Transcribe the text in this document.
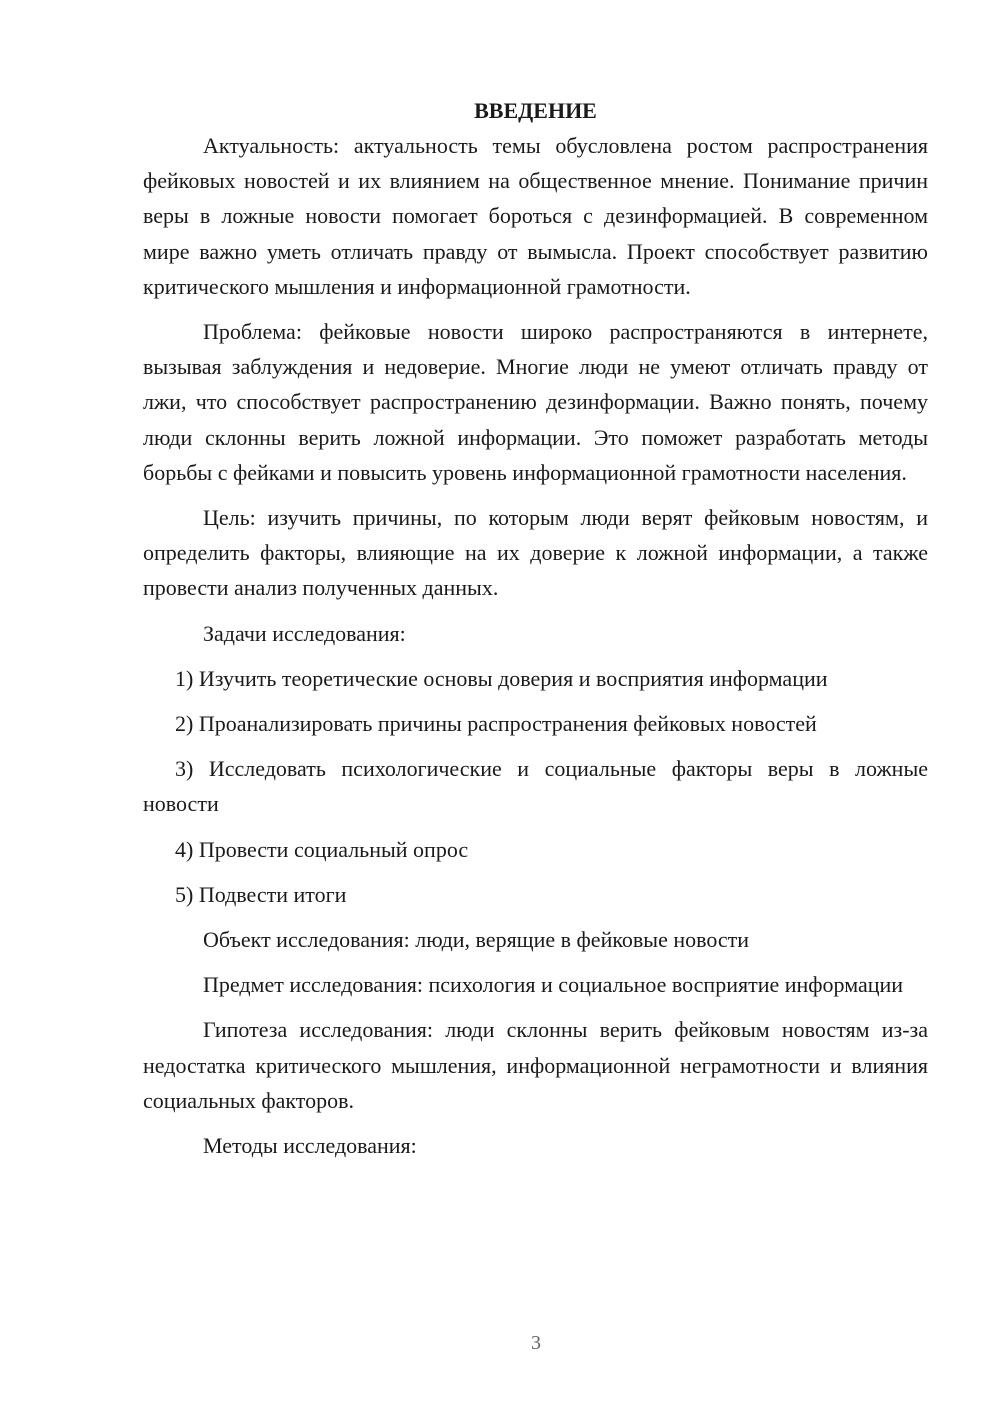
ВВЕДЕНИЕ

Актуальность: актуальность темы обусловлена ростом распространения фейковых новостей и их влиянием на общественное мнение. Понимание причин веры в ложные новости помогает бороться с дезинформацией. В современном мире важно уметь отличать правду от вымысла. Проект способствует развитию критического мышления и информационной грамотности.

Проблема: фейковые новости широко распространяются в интернете, вызывая заблуждения и недоверие. Многие люди не умеют отличать правду от лжи, что способствует распространению дезинформации. Важно понять, почему люди склонны верить ложной информации. Это поможет разработать методы борьбы с фейками и повысить уровень информационной грамотности населения.

Цель: изучить причины, по которым люди верят фейковым новостям, и определить факторы, влияющие на их доверие к ложной информации, а также провести анализ полученных данных.

Задачи исследования:

1) Изучить теоретические основы доверия и восприятия информации

2) Проанализировать причины распространения фейковых новостей

3) Исследовать психологические и социальные факторы веры в ложные новости

4) Провести социальный опрос

5) Подвести итоги

Объект исследования: люди, верящие в фейковые новости

Предмет исследования: психология и социальное восприятие информации

Гипотеза исследования: люди склонны верить фейковым новостям из-за недостатка критического мышления, информационной неграмотности и влияния социальных факторов.

Методы исследования:

3
